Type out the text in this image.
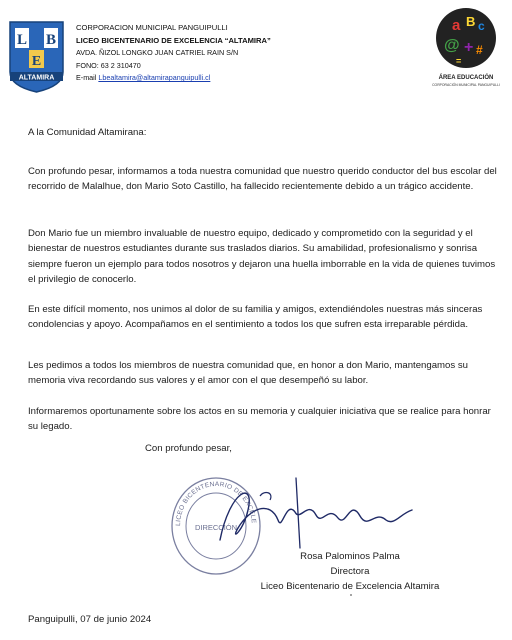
L B
E
ALTAMIRA
CORPORACION MUNICIPAL PANGUIPULLI
LICEO BICENTENARIO DE EXCELENCIA “ALTAMIRA”
AVDA. ÑIZOL LONGKO JUAN CATRIEL RAIN S/N
FONO: 63 2 310470
E-mail Lbealtamira@altamirapanguipulli.cl
a B c
@ + #
=
ÁREA EDUCACIÓN
CORPORACIÓN MUNICIPAL PANGUIPULLI
A la Comunidad Altamirana:
Con profundo pesar, informamos a toda nuestra comunidad que nuestro querido conductor del bus escolar del recorrido de Malalhue, don Mario Soto Castillo, ha fallecido recientemente debido a un trágico accidente.
Don Mario fue un miembro invaluable de nuestro equipo, dedicado y comprometido con la seguridad y el bienestar de nuestros estudiantes durante sus traslados diarios. Su amabilidad, profesionalismo y sonrisa siempre fueron un ejemplo para todos nosotros y dejaron una huella imborrable en la vida de quienes tuvimos el privilegio de conocerlo.
En este difícil momento, nos unimos al dolor de su familia y amigos, extendiéndoles nuestras más sinceras condolencias y apoyo. Acompañamos en el sentimiento a todos los que sufren esta irreparable pérdida.
Les pedimos a todos los miembros de nuestra comunidad que, en honor a don Mario, mantengamos su memoria viva recordando sus valores y el amor con el que desempeñó su labor.
Informaremos oportunamente sobre los actos en su memoria y cualquier iniciativa que se realice para honrar su legado.
Con profundo pesar,
LICEO BICENTENARIO DE EXCELE
DIRECCIÓN
Rosa Palominos Palma
Directora
Liceo Bicentenario de Excelencia Altamira
Panguipulli, 07 de junio 2024
